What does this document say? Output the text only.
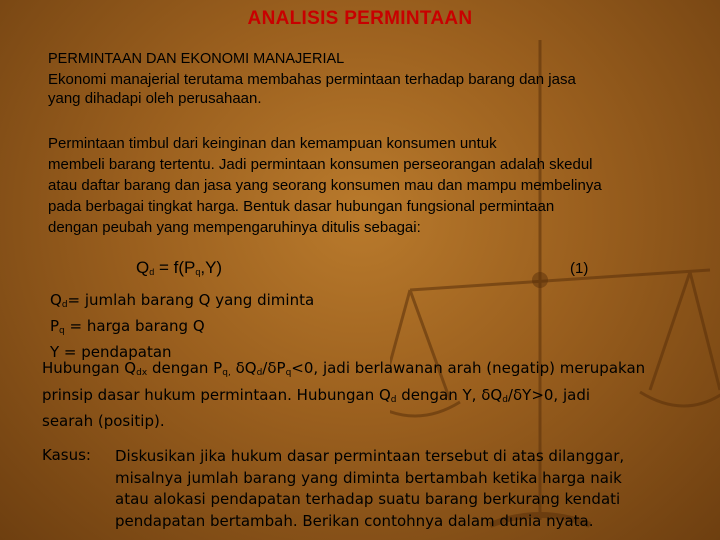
ANALISIS PERMINTAAN
PERMINTAAN DAN EKONOMI MANAJERIAL
Ekonomi manajerial terutama membahas permintaan terhadap barang dan jasa
yang dihadapi oleh perusahaan.
Permintaan timbul dari keinginan dan kemampuan konsumen untuk
membeli barang tertentu. Jadi permintaan konsumen perseorangan adalah skedul
atau daftar barang dan jasa yang seorang konsumen mau dan mampu membelinya
pada berbagai tingkat harga. Bentuk dasar hubungan fungsional permintaan
dengan peubah yang mempengaruhinya ditulis sebagai:
$Q_d = f(P_q,Y)$	(1)
$Q_d=$ jumlah barang Q yang diminta
$P_q$ = harga barang Q
Y = pendapatan
Hubungan $Q_{dx}$ dengan $P_{q,}$ $\delta Q_d/\delta P_q<0$, jadi berlawanan arah (negatip) merupakan
prinsip dasar hukum permintaan. Hubungan $Q_d$ dengan Y, $\delta Q_d/\delta Y>0$, jadi
searah (positip).
Kasus: Diskusikan jika hukum dasar permintaan tersebut di atas dilanggar,
misalnya jumlah barang yang diminta bertambah ketika harga naik
atau alokasi pendapatan terhadap suatu barang berkurang kendati
pendapatan bertambah. Berikan contohnya dalam dunia nyata.
